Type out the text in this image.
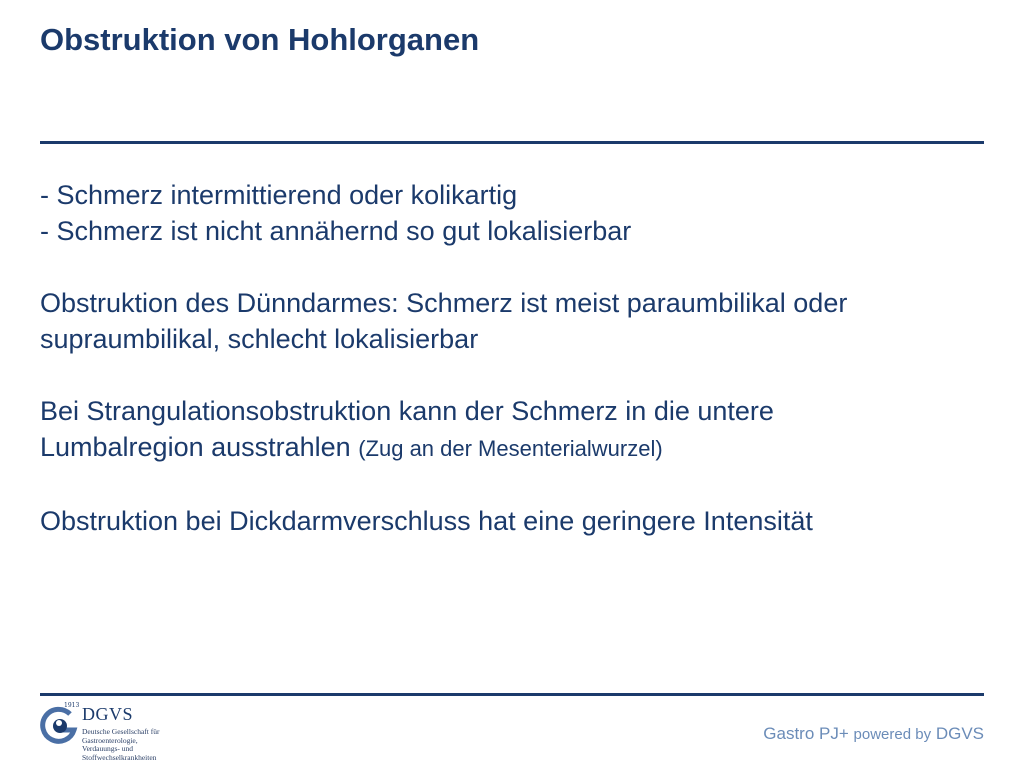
Obstruktion von Hohlorganen

- Schmerz intermittierend oder kolikartig

- Schmerz ist nicht annähernd so gut lokalisierbar

Obstruktion des Dünndarmes: Schmerz ist meist paraumbilikal oder

supraumbilikal, schlecht lokalisierbar

Bei Strangulationsobstruktion kann der Schmerz in die untere

Lumbalregion ausstrahlen (Zug an der Mesenterialwurzel)

Obstruktion bei Dickdarmverschluss hat eine geringere Intensität

1913 DGVS
Deutsche Gesellschaft für
Gastroenterologie,
Verdauungs- und
Stoffwechselkrankheiten
Gastro PJ+ powered by DGVS
